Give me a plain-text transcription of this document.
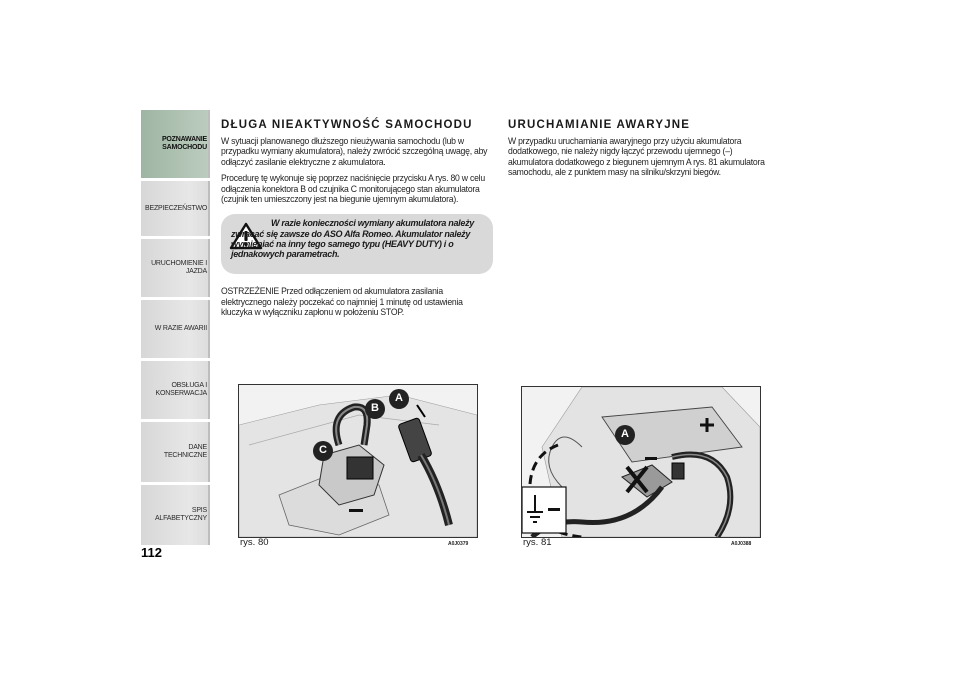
POZNAWANIE SAMOCHODU
BEZPIECZEŃSTWO
URUCHOMIENIE I JAZDA
W RAZIE AWARII
OBSŁUGA I KONSERWACJA
DANE TECHNICZNE
SPIS ALFABETYCZNY
112
DŁUGA NIEAKTYWNOŚĆ SAMOCHODU

W sytuacji planowanego dłuższego nieużywania samochodu (lub w przypadku wymiany akumulatora), należy zwrócić szczególną uwagę, aby odłączyć zasilanie elektryczne z akumulatora.

Procedurę tę wykonuje się poprzez naciśnięcie przycisku A rys. 80 w celu odłączenia konektora B od czujnika C monitorującego stan akumulatora (czujnik ten umieszczony jest na biegunie ujemnym akumulatora).

W razie konieczności wymiany akumulatora należy zwracać się zawsze do ASO Alfa Romeo. Akumulator należy wymieniać na inny tego samego typu (HEAVY DUTY) i o jednakowych parametrach.

OSTRZEŻENIE Przed odłączeniem od akumulatora zasilania elektrycznego należy poczekać co najmniej 1 minutę od ustawienia kluczyka w wyłączniku zapłonu w położeniu STOP.

URUCHAMIANIE AWARYJNE

W przypadku uruchamiania awaryjnego przy użyciu akumulatora dodatkowego, nie należy nigdy łączyć przewodu ujemnego (–) akumulatora dodatkowego z biegunem ujemnym A rys. 81 akumulatora samochodu, ale z punktem masy na silniku/skrzyni biegów.

A
B
C
rys. 80	A0J0379
A
rys. 81	A0J0388
